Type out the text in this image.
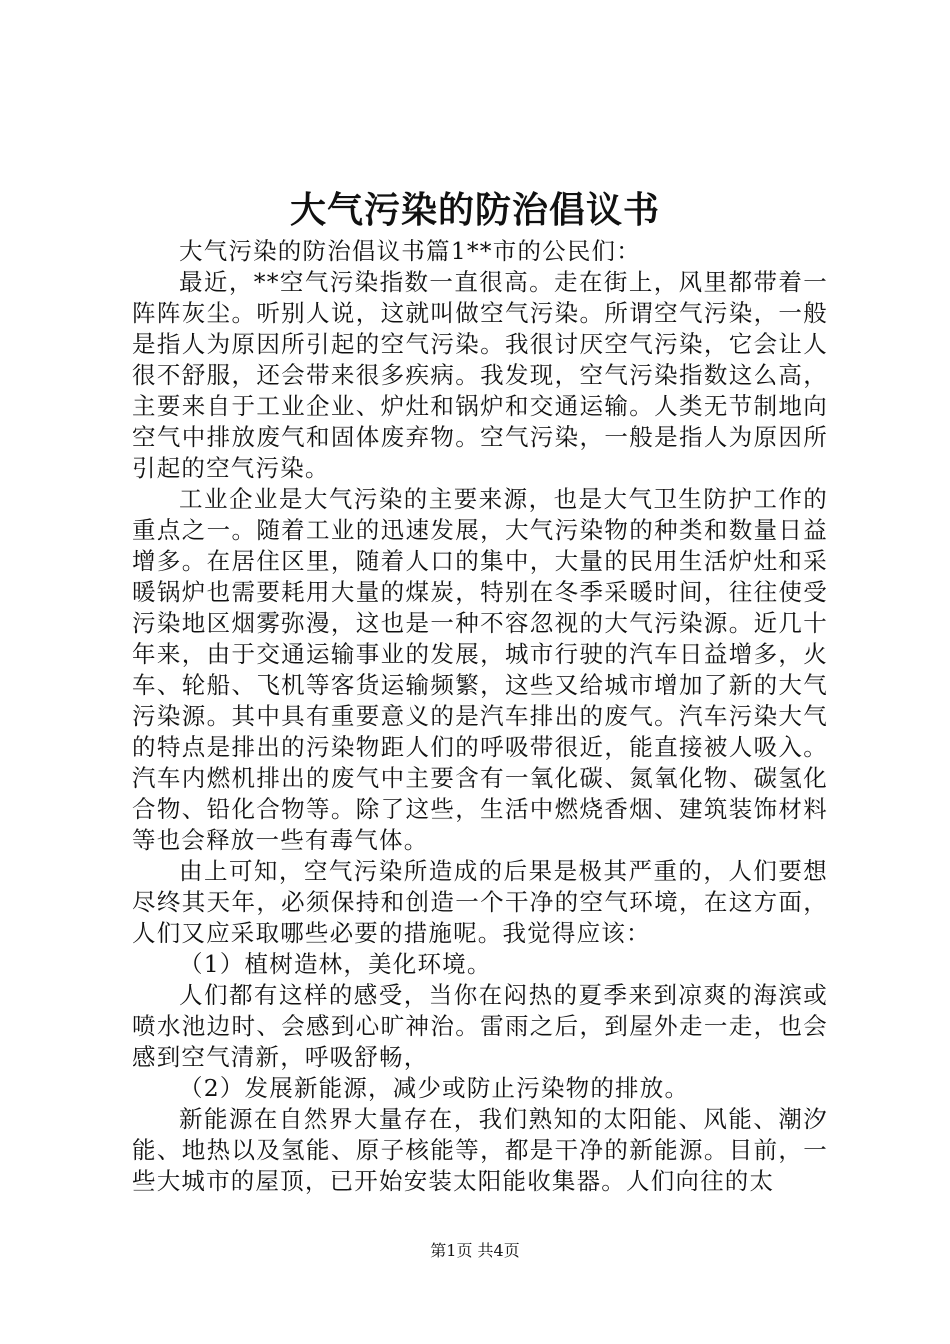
大气污染的防治倡议书

大气污染的防治倡议书篇1**市的公民们：

最近，**空气污染指数一直很高。走在街上，风里都带着一阵阵灰尘。听别人说，这就叫做空气污染。所谓空气污染，一般是指人为原因所引起的空气污染。我很讨厌空气污染，它会让人很不舒服，还会带来很多疾病。我发现，空气污染指数这么高，主要来自于工业企业、炉灶和锅炉和交通运输。人类无节制地向空气中排放废气和固体废弃物。空气污染，一般是指人为原因所引起的空气污染。

工业企业是大气污染的主要来源，也是大气卫生防护工作的重点之一。随着工业的迅速发展，大气污染物的种类和数量日益增多。在居住区里，随着人口的集中，大量的民用生活炉灶和采暖锅炉也需要耗用大量的煤炭，特别在冬季采暖时间，往往使受污染地区烟雾弥漫，这也是一种不容忽视的大气污染源。近几十年来，由于交通运输事业的发展，城市行驶的汽车日益增多，火车、轮船、飞机等客货运输频繁，这些又给城市增加了新的大气污染源。其中具有重要意义的是汽车排出的废气。汽车污染大气的特点是排出的污染物距人们的呼吸带很近，能直接被人吸入。汽车内燃机排出的废气中主要含有一氧化碳、氮氧化物、碳氢化合物、铅化合物等。除了这些，生活中燃烧香烟、建筑装饰材料等也会释放一些有毒气体。

由上可知，空气污染所造成的后果是极其严重的，人们要想尽终其天年，必须保持和创造一个干净的空气环境，在这方面，人们又应采取哪些必要的措施呢。我觉得应该：

（1）植树造林，美化环境。

人们都有这样的感受，当你在闷热的夏季来到凉爽的海滨或喷水池边时、会感到心旷神治。雷雨之后，到屋外走一走，也会感到空气清新，呼吸舒畅，

（2）发展新能源，减少或防止污染物的排放。

新能源在自然界大量存在，我们熟知的太阳能、风能、潮汐能、地热以及氢能、原子核能等，都是干净的新能源。目前，一些大城市的屋顶，已开始安装太阳能收集器。人们向往的太

第1页 共4页
